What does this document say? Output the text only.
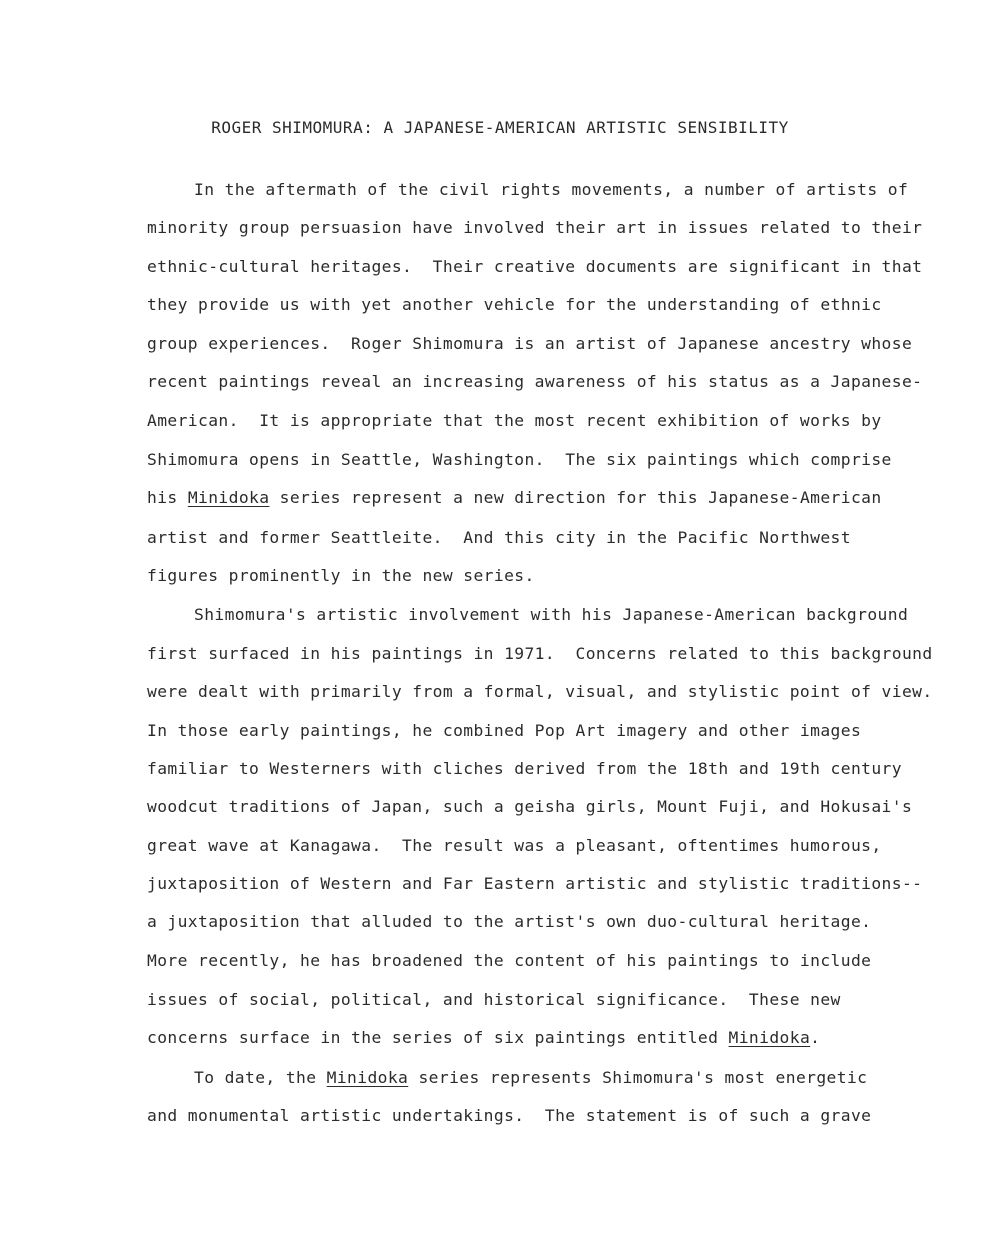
ROGER SHIMOMURA: A JAPANESE-AMERICAN ARTISTIC SENSIBILITY
In the aftermath of the civil rights movements, a number of artists of
minority group persuasion have involved their art in issues related to their
ethnic-cultural heritages.  Their creative documents are significant in that
they provide us with yet another vehicle for the understanding of ethnic
group experiences.  Roger Shimomura is an artist of Japanese ancestry whose
recent paintings reveal an increasing awareness of his status as a Japanese-
American.  It is appropriate that the most recent exhibition of works by
Shimomura opens in Seattle, Washington.  The six paintings which comprise
his Minidoka series represent a new direction for this Japanese-American
artist and former Seattleite.  And this city in the Pacific Northwest
figures prominently in the new series.
Shimomura's artistic involvement with his Japanese-American background
first surfaced in his paintings in 1971.  Concerns related to this background
were dealt with primarily from a formal, visual, and stylistic point of view.
In those early paintings, he combined Pop Art imagery and other images
familiar to Westerners with cliches derived from the 18th and 19th century
woodcut traditions of Japan, such a geisha girls, Mount Fuji, and Hokusai's
great wave at Kanagawa.  The result was a pleasant, oftentimes humorous,
juxtaposition of Western and Far Eastern artistic and stylistic traditions--
a juxtaposition that alluded to the artist's own duo-cultural heritage.
More recently, he has broadened the content of his paintings to include
issues of social, political, and historical significance.  These new
concerns surface in the series of six paintings entitled Minidoka.
To date, the Minidoka series represents Shimomura's most energetic
and monumental artistic undertakings.  The statement is of such a grave
